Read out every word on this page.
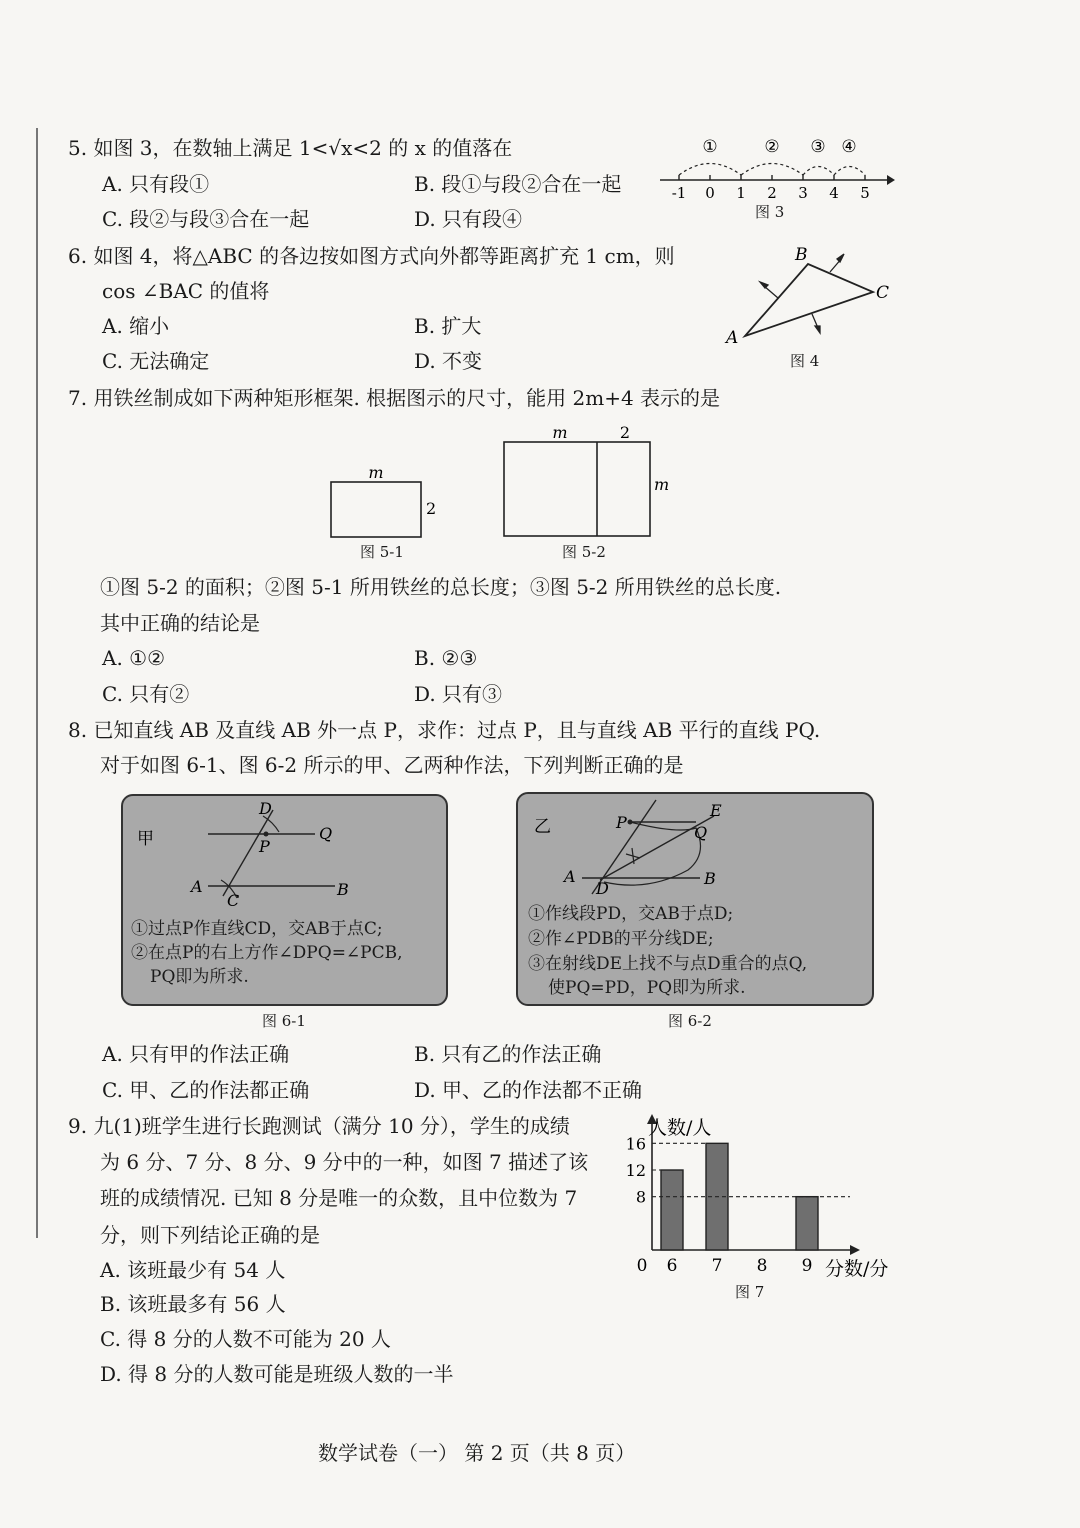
5. 如图 3，在数轴上满足 1<√x<2 的 x 的值落在
A. 只有段①	B. 段①与段②合在一起
C. 段②与段③合在一起	D. 只有段④
①	② ③ ④
-1 0 1 2 3 4 5
图 3
6. 如图 4，将△ABC 的各边按如图方式向外都等距离扩充 1 cm，则
cos ∠BAC 的值将
A. 缩小	B. 扩大
C. 无法确定	D. 不变
A
B
C
图 4
7. 用铁丝制成如下两种矩形框架. 根据图示的尺寸，能用 2m+4 表示的是
m
2
图 5-1
m	2
m
图 5-2
①图 5-2 的面积；②图 5-1 所用铁丝的总长度；③图 5-2 所用铁丝的总长度.
其中正确的结论是
A. ①②	B. ②③
C. 只有②	D. 只有③
8. 已知直线 AB 及直线 AB 外一点 P，求作：过点 P，且与直线 AB 平行的直线 PQ.
对于如图 6-1、图 6-2 所示的甲、乙两种作法，下列判断正确的是
甲
D
P
Q
A
C
B
①过点P作直线CD，交AB于点C;
②在点P的右上方作∠DPQ=∠PCB,
PQ即为所求.
图 6-1
乙	P
E
Q
A
D
B
①作线段PD，交AB于点D;
②作∠PDB的平分线DE;
③在射线DE上找不与点D重合的点Q,
使PQ=PD，PQ即为所求.
图 6-2
A. 只有甲的作法正确	B. 只有乙的作法正确
C. 甲、乙的作法都正确	D. 甲、乙的作法都不正确
9. 九(1)班学生进行长跑测试（满分 10 分），学生的成绩
为 6 分、7 分、8 分、9 分中的一种，如图 7 描述了该
班的成绩情况. 已知 8 分是唯一的众数，且中位数为 7
分，则下列结论正确的是
A. 该班最少有 54 人
B. 该班最多有 56 人
C. 得 8 分的人数不可能为 20 人
D. 得 8 分的人数可能是班级人数的一半
6 7 8 9
8
12
16
0
人数/人
分数/分
图 7
数学试卷（一） 第 2 页（共 8 页）
